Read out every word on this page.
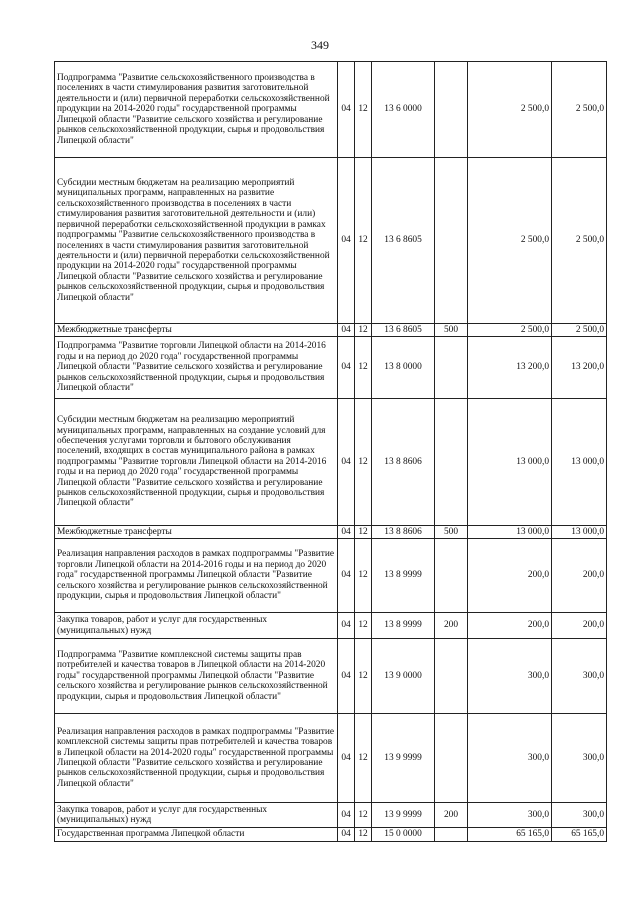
349
Подпрограмма "Развитие сельскохозяйственного производства в поселениях в части стимулирования развития заготовительной деятельности и (или) первичной переработки сельскохозяйственной продукции на 2014-2020 годы" государственной программы Липецкой области "Развитие сельского хозяйства и регулирование рынков сельскохозяйственной продукции, сырья и продовольствия Липецкой области"	04	12	13 6 0000		2 500,0	2 500,0
Субсидии местным бюджетам на реализацию мероприятий муниципальных программ, направленных на развитие сельскохозяйственного производства в поселениях в части стимулирования развития заготовительной деятельности и (или) первичной переработки сельскохозяйственной продукции в рамках подпрограммы "Развитие сельскохозяйственного производства в поселениях в части стимулирования развития заготовительной деятельности и (или) первичной переработки сельскохозяйственной продукции на 2014-2020 годы" государственной программы Липецкой области "Развитие сельского хозяйства и регулирование рынков сельскохозяйственной продукции, сырья и продовольствия Липецкой области"	04	12	13 6 8605		2 500,0	2 500,0
Межбюджетные трансферты	04	12	13 6 8605	500	2 500,0	2 500,0
Подпрограмма "Развитие торговли Липецкой области на 2014-2016 годы и на период до 2020 года" государственной программы Липецкой области "Развитие сельского хозяйства и регулирование рынков сельскохозяйственной продукции, сырья и продовольствия Липецкой области"	04	12	13 8 0000		13 200,0	13 200,0
Субсидии местным бюджетам на реализацию мероприятий муниципальных программ, направленных на создание условий для обеспечения услугами торговли и бытового обслуживания поселений, входящих в состав муниципального района в рамках подпрограммы "Развитие торговли Липецкой области на 2014-2016 годы и на период до 2020 года" государственной программы Липецкой области "Развитие сельского хозяйства и регулирование рынков сельскохозяйственной продукции, сырья и продовольствия Липецкой области"	04	12	13 8 8606		13 000,0	13 000,0
Межбюджетные трансферты	04	12	13 8 8606	500	13 000,0	13 000,0
Реализация направления расходов в рамках подпрограммы "Развитие торговли Липецкой области на 2014-2016 годы и на период до 2020 года" государственной программы Липецкой области "Развитие сельского хозяйства и регулирование рынков сельскохозяйственной продукции, сырья и продовольствия Липецкой области"	04	12	13 8 9999		200,0	200,0
Закупка товаров, работ и услуг для государственных (муниципальных) нужд	04	12	13 8 9999	200	200,0	200,0
Подпрограмма "Развитие комплексной системы защиты прав потребителей и качества товаров в Липецкой области на 2014-2020 годы" государственной программы Липецкой области "Развитие сельского хозяйства и регулирование рынков сельскохозяйственной продукции, сырья и продовольствия Липецкой области"	04	12	13 9 0000		300,0	300,0
Реализация направления расходов в рамках подпрограммы "Развитие комплексной системы защиты прав потребителей и качества товаров в Липецкой области на 2014-2020 годы" государственной программы Липецкой области "Развитие сельского хозяйства и регулирование рынков сельскохозяйственной продукции, сырья и продовольствия Липецкой области"	04	12	13 9 9999		300,0	300,0
Закупка товаров, работ и услуг для государственных (муниципальных) нужд	04	12	13 9 9999	200	300,0	300,0
Государственная программа Липецкой области	04	12	15 0 0000		65 165,0	65 165,0
